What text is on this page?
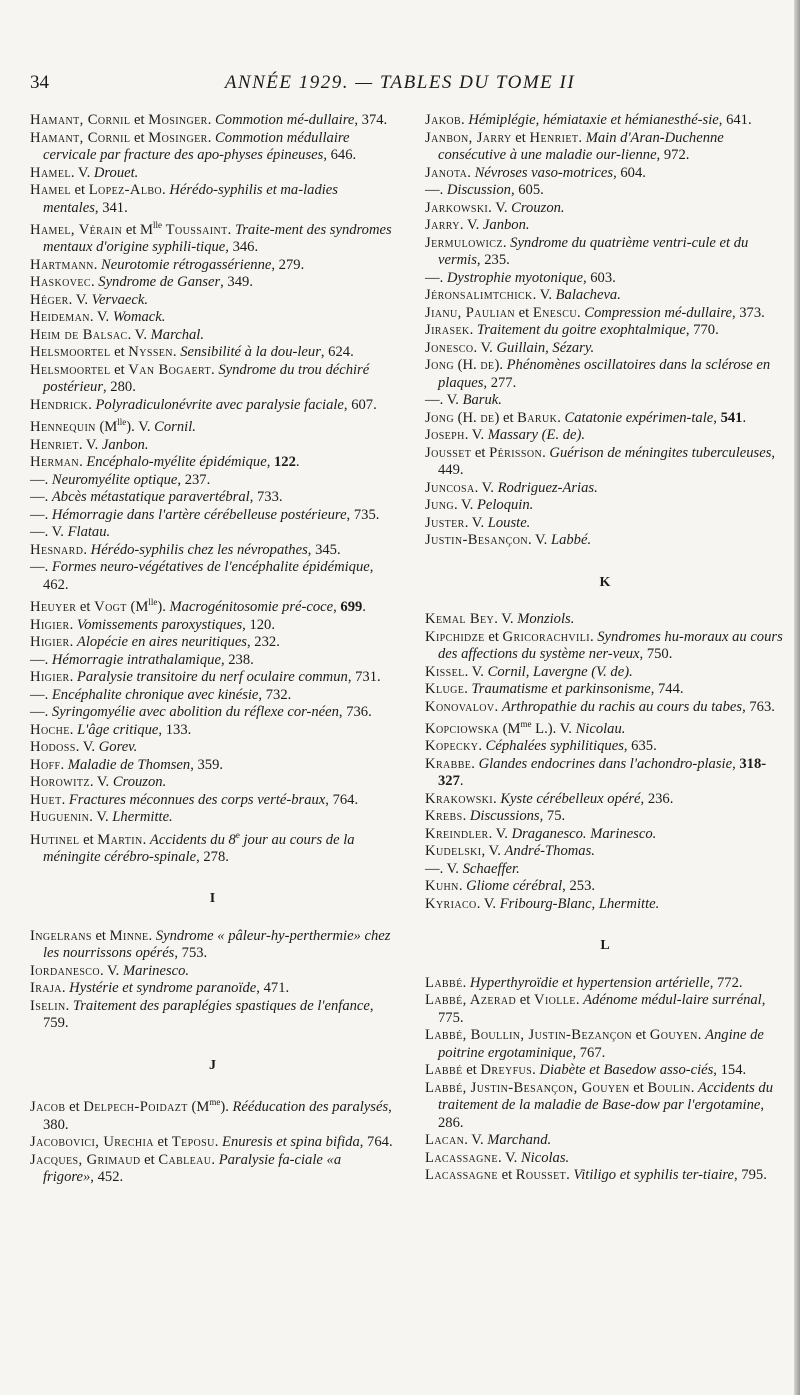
34	ANNÉE 1929. — TABLES DU TOME II
Hamant, Cornil et Mosinger. Commotion mé-dullaire, 374.
Hamant, Cornil et Mosinger. Commotion médullaire cervicale par fracture des apo-physes épineuses, 646.
Hamel. V. Drouet.
Hamel et Lopez-Albo. Hérédo-syphilis et ma-ladies mentales, 341.
Hamel, Vérain et $M^{lle}$ Toussaint. Traite-ment des syndromes mentaux d'origine syphili-tique, 346.
Hartmann. Neurotomie rétrogassérienne, 279.
Haskovec. Syndrome de Ganser, 349.
Héger. V. Vervaeck.
Heideman. V. Womack.
Heim de Balsac. V. Marchal.
Helsmoortel et Nyssen. Sensibilité à la dou-leur, 624.
Helsmoortel et Van Bogaert. Syndrome du trou déchiré postérieur, 280.
Hendrick. Polyradiculonévrite avec paralysie faciale, 607.
Hennequin $(M^{lle})$. V. Cornil.
Henriet. V. Janbon.
Herman. Encéphalo-myélite épidémique, 122.
—. Neuromyélite optique, 237.
—. Abcès métastatique paravertébral, 733.
—. Hémorragie dans l'artère cérébelleuse postérieure, 735.
—. V. Flatau.
Hesnard. Hérédo-syphilis chez les névropathes, 345.
—. Formes neuro-végétatives de l'encéphalite épidémique, 462.
Heuyer et Vogt $(M^{lle})$. Macrogénitosomie pré-coce, 699.
Higier. Vomissements paroxystiques, 120.
Higier. Alopécie en aires neuritiques, 232.
—. Hémorragie intrathalamique, 238.
Higier. Paralysie transitoire du nerf oculaire commun, 731.
—. Encéphalite chronique avec kinésie, 732.
—. Syringomyélie avec abolition du réflexe cor-néen, 736.
Hoche. L'âge critique, 133.
Hodoss. V. Gorev.
Hoff. Maladie de Thomsen, 359.
Horowitz. V. Crouzon.
Huet. Fractures méconnues des corps verté-braux, 764.
Huguenin. V. Lhermitte.
Hutinel et Martin. Accidents du 8e jour au cours de la méningite cérébro-spinale, 278.
I
Ingelrans et Minne. Syndrome « pâleur-hy-perthermie» chez les nourrissons opérés, 753.
Iordanesco. V. Marinesco.
Iraja. Hystérie et syndrome paranoïde, 471.
Iselin. Traitement des paraplégies spastiques de l'enfance, 759.
J
Jacob et Delpech-Poidazt $(M^{me})$. Rééducation des paralysés, 380.
Jacobovici, Urechia et Teposu. Enuresis et spina bifida, 764.
Jacques, Grimaud et Cableau. Paralysie fa-ciale «a frigore», 452.
Jakob. Hémiplégie, hémiataxie et hémianesthé-sie, 641.
Janbon, Jarry et Henriet. Main d'Aran-Duchenne consécutive à une maladie our-lienne, 972.
Janota. Névroses vaso-motrices, 604.
—. Discussion, 605.
Jarkowski. V. Crouzon.
Jarry. V. Janbon.
Jermulowicz. Syndrome du quatrième ventri-cule et du vermis, 235.
—. Dystrophie myotonique, 603.
Jéronsalimtchick. V. Balacheva.
Jianu, Paulian et Enescu. Compression mé-dullaire, 373.
Jirasek. Traitement du goitre exophtalmique, 770.
Jonesco. V. Guillain, Sézary.
Jong (H. de). Phénomènes oscillatoires dans la sclérose en plaques, 277.
—. V. Baruk.
Jong (H. de) et Baruk. Catatonie expérimen-tale, 541.
Joseph. V. Massary (E. de).
Jousset et Périsson. Guérison de méningites tuberculeuses, 449.
Juncosa. V. Rodriguez-Arias.
Jung. V. Peloquin.
Juster. V. Louste.
Justin-Besançon. V. Labbé.
K
Kemal Bey. V. Monziols.
Kipchidze et Gricorachvili. Syndromes hu-moraux au cours des affections du système ner-veux, 750.
Kissel. V. Cornil, Lavergne (V. de).
Kluge. Traumatisme et parkinsonisme, 744.
Konovalov. Arthropathie du rachis au cours du tabes, 763.
Kopciowska ($M^{me}$ L.). V. Nicolau.
Kopecky. Céphalées syphilitiques, 635.
Krabbe. Glandes endocrines dans l'achondro-plasie, 318-327.
Krakowski. Kyste cérébelleux opéré, 236.
Krebs. Discussions, 75.
Kreindler. V. Draganesco. Marinesco.
Kudelski, V. André-Thomas.
—. V. Schaeffer.
Kuhn. Gliome cérébral, 253.
Kyriaco. V. Fribourg-Blanc, Lhermitte.
L
Labbé. Hyperthyroïdie et hypertension artérielle, 772.
Labbé, Azerad et Violle. Adénome médul-laire surrénal, 775.
Labbé, Boullin, Justin-Bezançon et Gouyen. Angine de poitrine ergotaminique, 767.
Labbé et Dreyfus. Diabète et Basedow asso-ciés, 154.
Labbé, Justin-Besançon, Gouyen et Boulin. Accidents du traitement de la maladie de Base-dow par l'ergotamine, 286.
Lacan. V. Marchand.
Lacassagne. V. Nicolas.
Lacassagne et Rousset. Vitiligo et syphilis ter-tiaire, 795.
